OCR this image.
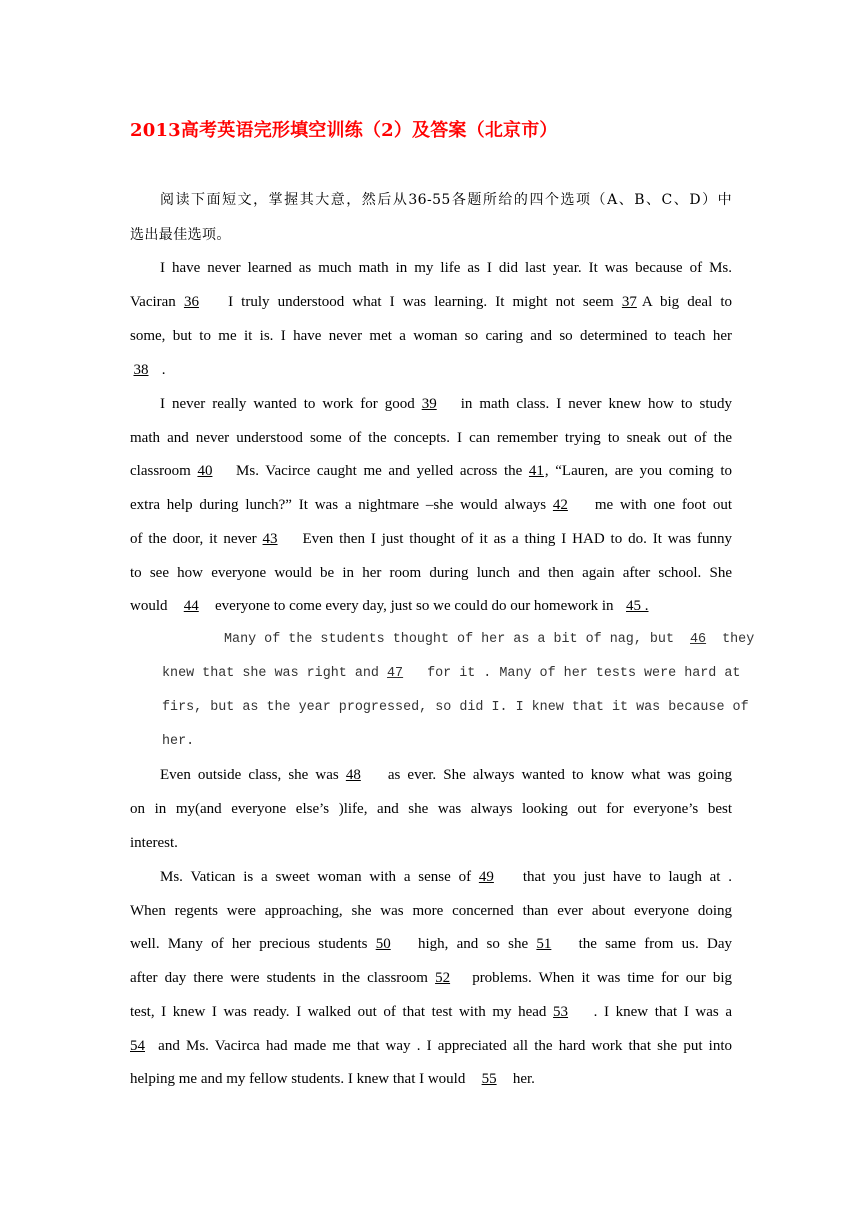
2013高考英语完形填空训练（2）及答案（北京市）
阅读下面短文，掌握其大意，然后从36-55各题所给的四个选项（A、B、C、D）中
选出最佳选项。
I have never learned as much math in my life as I did last year. It was because of Ms.
Vaciran 36 I truly understood what I was learning. It might not seem 37 A big deal to
some, but to me it is. I have never met a woman so caring and so determined to teach her
38 .
I never really wanted to work for good 39 in math class. I never knew how to study
math and never understood some of the concepts. I can remember trying to sneak out of the
classroom 40 Ms. Vacirce caught me and yelled across the 41, “Lauren, are you coming to
extra help during lunch?” It was a nightmare –she would always 42 me with one foot out
of the door, it never 43 Even then I just thought of it as a thing I HAD to do. It was funny
to see how everyone would be in her room during lunch and then again after school. She
would 44 everyone to come every day, just so we could do our homework in 45 .
Many of the students thought of her as a bit of nag, but 46 they
knew that she was right and 47 for it . Many of her tests were hard at
firs, but as the year progressed, so did I. I knew that it was because of
her.
Even outside class, she was 48 as ever. She always wanted to know what was going
on in my(and everyone else’s )life, and she was always looking out for everyone’s best
interest.
Ms. Vatican is a sweet woman with a sense of 49 that you just have to laugh at .
When regents were approaching, she was more concerned than ever about everyone doing
well. Many of her precious students 50 high, and so she 51 the same from us. Day
after day there were students in the classroom 52 problems. When it was time for our big
test, I knew I was ready. I walked out of that test with my head 53 . I knew that I was a
54 and Ms. Vacirca had made me that way . I appreciated all the hard work that she put into
helping me and my fellow students. I knew that I would 55 her.
